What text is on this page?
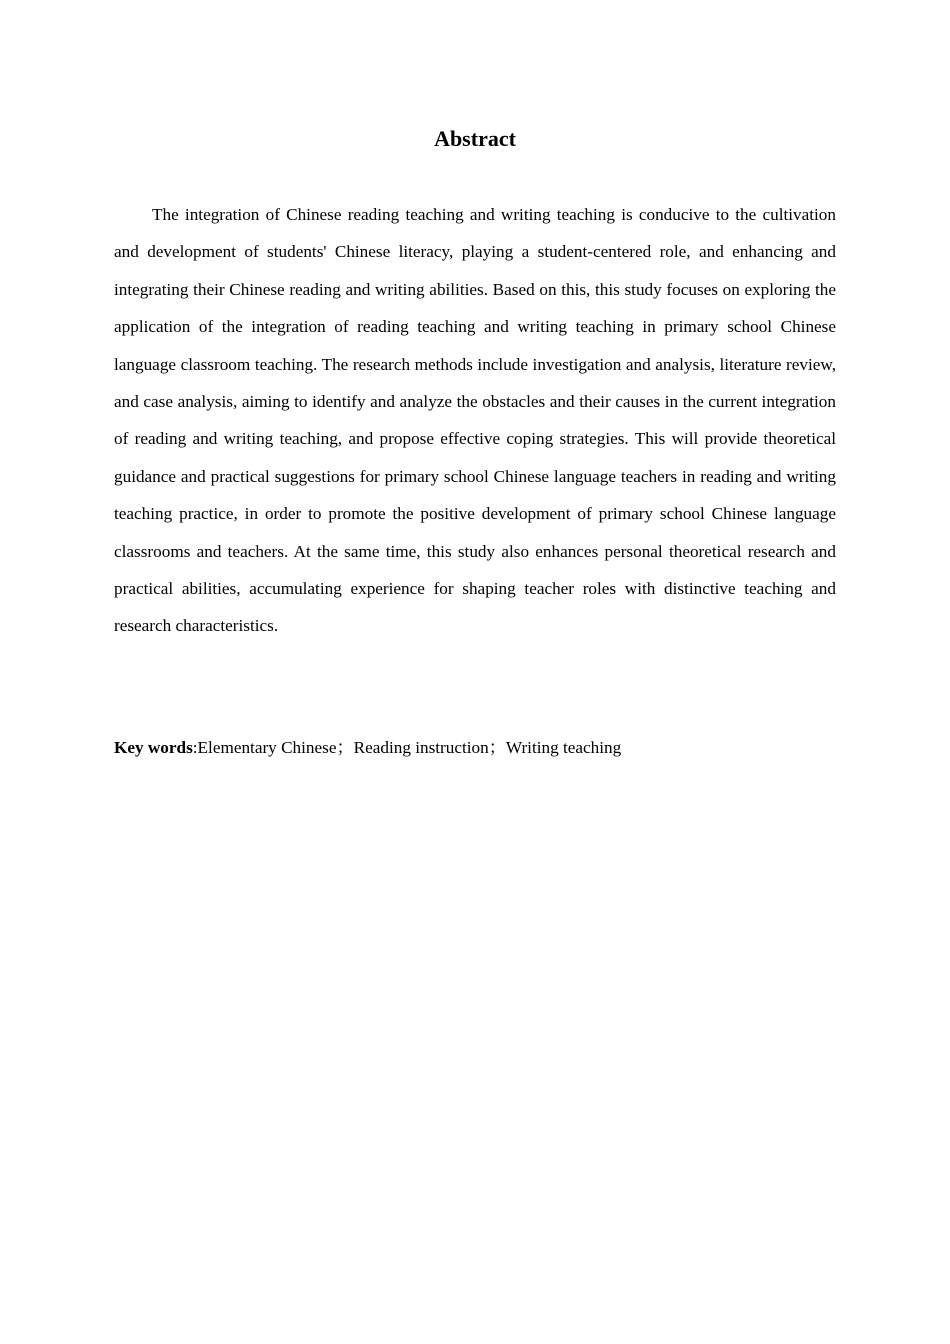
Abstract

The integration of Chinese reading teaching and writing teaching is conducive to the cultivation and development of students' Chinese literacy, playing a student-centered role, and enhancing and integrating their Chinese reading and writing abilities. Based on this, this study focuses on exploring the application of the integration of reading teaching and writing teaching in primary school Chinese language classroom teaching. The research methods include investigation and analysis, literature review, and case analysis, aiming to identify and analyze the obstacles and their causes in the current integration of reading and writing teaching, and propose effective coping strategies. This will provide theoretical guidance and practical suggestions for primary school Chinese language teachers in reading and writing teaching practice, in order to promote the positive development of primary school Chinese language classrooms and teachers. At the same time, this study also enhances personal theoretical research and practical abilities, accumulating experience for shaping teacher roles with distinctive teaching and research characteristics.

Key words:Elementary Chinese；Reading instruction；Writing teaching
